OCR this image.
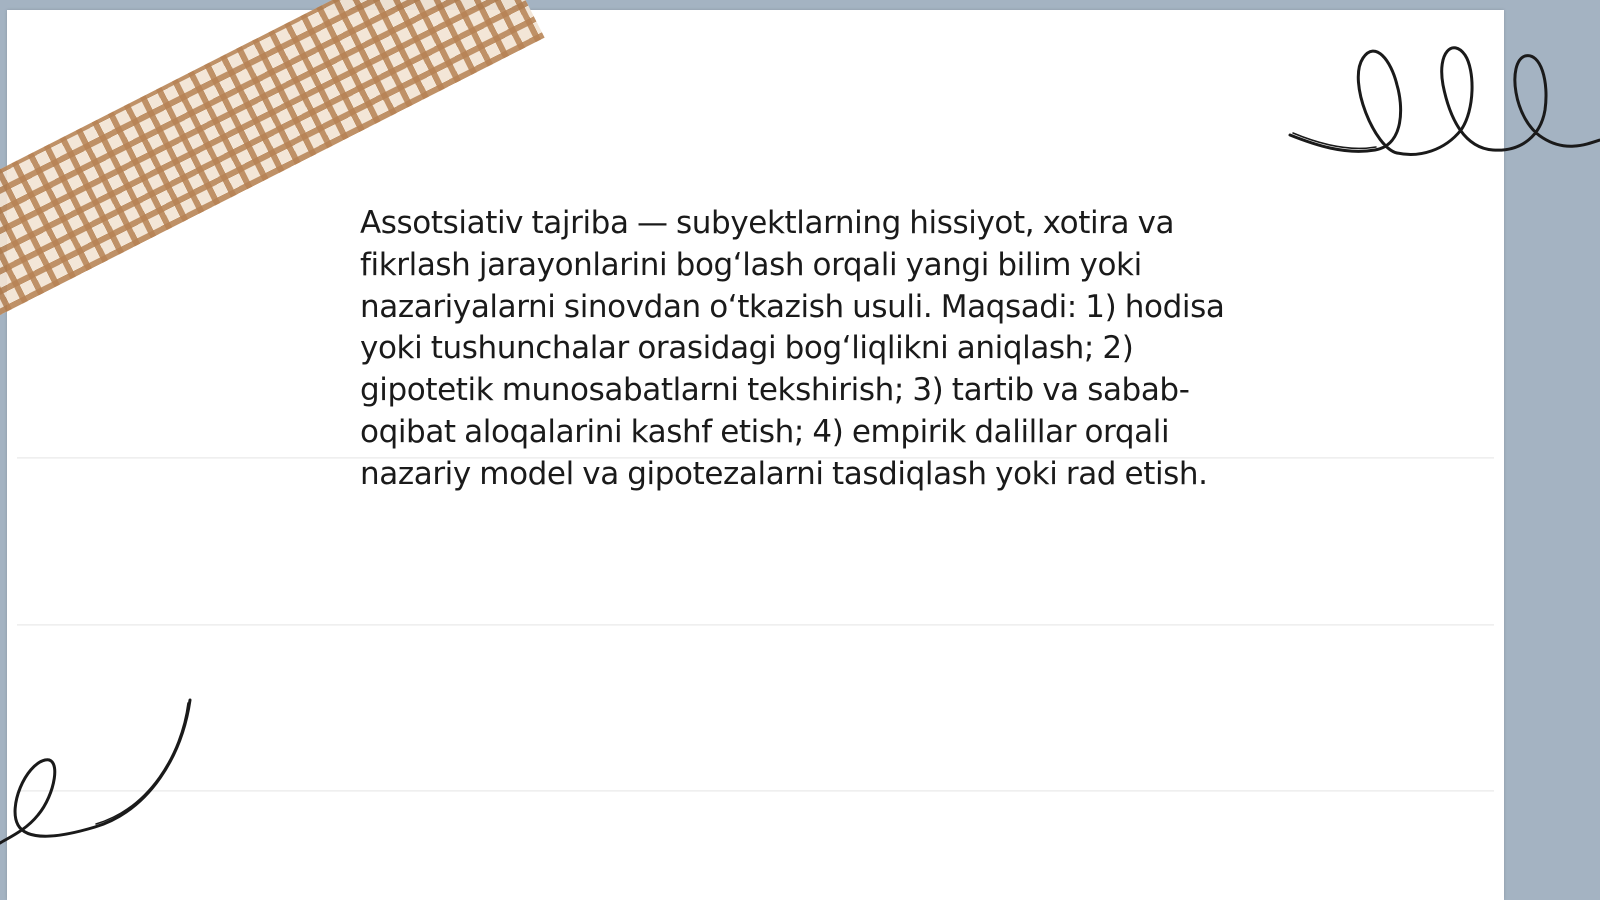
Assotsiativ tajriba — subyektlarning hissiyot, xotira va fikrlash jarayonlarini bog‘lash orqali yangi bilim yoki nazariyalarni sinovdan o‘tkazish usuli. Maqsadi: 1) hodisa yoki tushunchalar orasidagi bog‘liqlikni aniqlash; 2) gipotetik munosabatlarni tekshirish; 3) tartib va sabab-oqibat aloqalarini kashf etish; 4) empirik dalillar orqali nazariy model va gipotezalarni tasdiqlash yoki rad etish.
